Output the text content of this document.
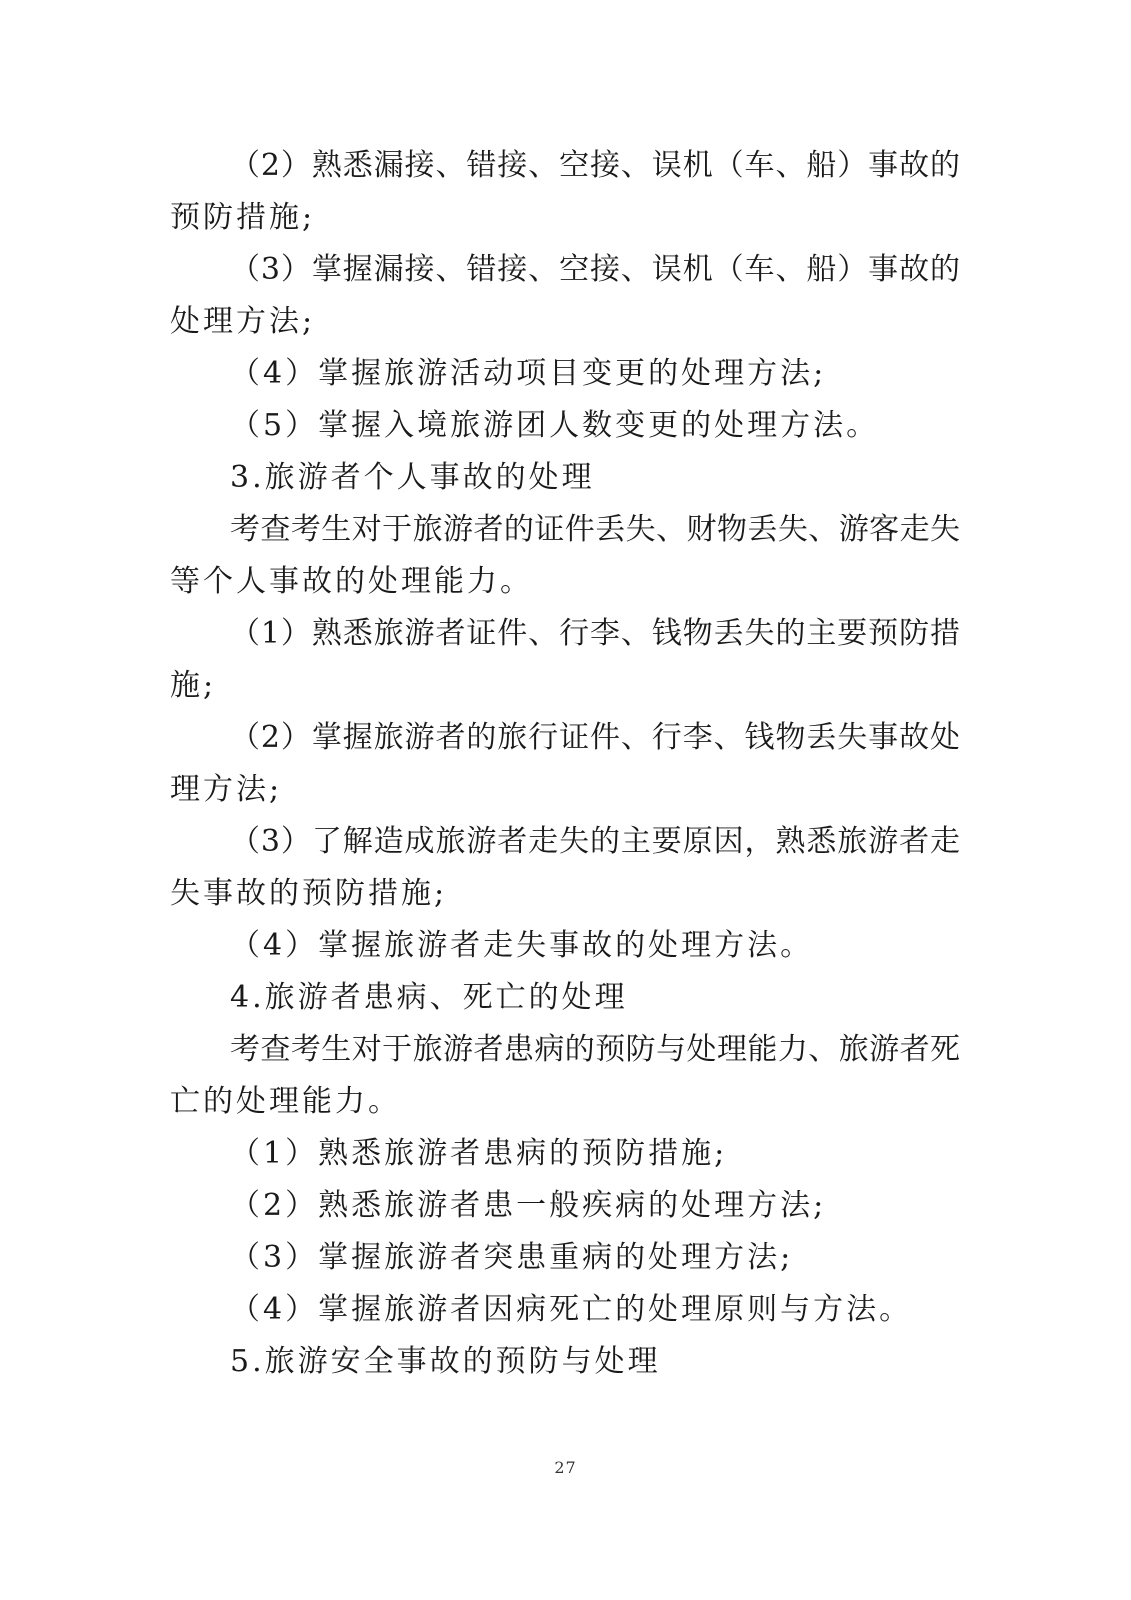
（2）熟悉漏接、错接、空接、误机（车、船）事故的
预防措施;
（3）掌握漏接、错接、空接、误机（车、船）事故的
处理方法;
（4）掌握旅游活动项目变更的处理方法;
（5）掌握入境旅游团人数变更的处理方法。
3.旅游者个人事故的处理
考查考生对于旅游者的证件丢失、财物丢失、游客走失
等个人事故的处理能力。
（1）熟悉旅游者证件、行李、钱物丢失的主要预防措
施;
（2）掌握旅游者的旅行证件、行李、钱物丢失事故处
理方法;
（3）了解造成旅游者走失的主要原因，熟悉旅游者走
失事故的预防措施;
（4）掌握旅游者走失事故的处理方法。
4.旅游者患病、死亡的处理
考查考生对于旅游者患病的预防与处理能力、旅游者死
亡的处理能力。
（1）熟悉旅游者患病的预防措施;
（2）熟悉旅游者患一般疾病的处理方法;
（3）掌握旅游者突患重病的处理方法;
（4）掌握旅游者因病死亡的处理原则与方法。
5.旅游安全事故的预防与处理
27
